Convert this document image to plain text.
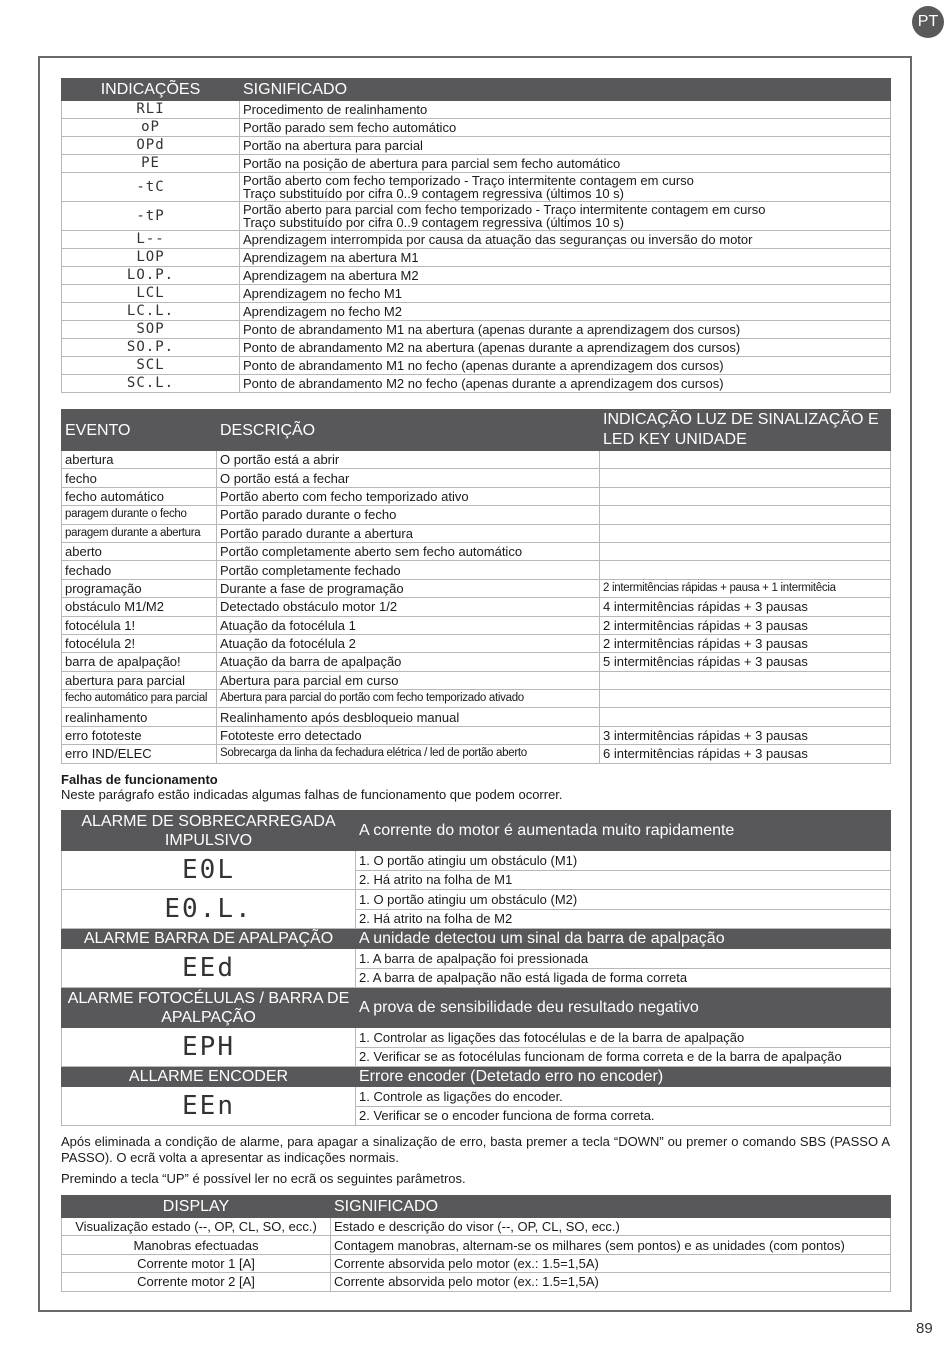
PT
INDICAÇÕES	SIGNIFICADO
RLI	Procedimento de realinhamento

oP	Portão parado sem fecho automático

OPd	Portão na abertura para parcial

PE	Portão na posição de abertura para parcial sem fecho automático

-tC	Portão aberto com fecho temporizado - Traço intermitente contagem em curso
Traço substituído por cifra 0..9 contagem regressiva (últimos 10 s)

-tP	Portão aberto para parcial com fecho temporizado - Traço intermitente contagem em curso
Traço substituído por cifra 0..9 contagem regressiva (últimos 10 s)

L--	Aprendizagem interrompida por causa da atuação das seguranças ou inversão do motor

LOP	Aprendizagem na abertura M1

LO.P.	Aprendizagem na abertura M2

LCL	Aprendizagem no fecho M1

LC.L.	Aprendizagem no fecho M2

SOP	Ponto de abrandamento M1 na abertura (apenas durante a aprendizagem dos cursos)

SO.P.	Ponto de abrandamento M2 na abertura (apenas durante a aprendizagem dos cursos)

SCL	Ponto de abrandamento M1 no fecho (apenas durante a aprendizagem dos cursos)

SC.L.	Ponto de abrandamento M2 no fecho (apenas durante a aprendizagem dos cursos)
EVENTO	DESCRIÇÃO	INDICAÇÃO LUZ DE SINALIZAÇÃO E LED KEY UNIDADE
abertura	O portão está a abrir	
fecho	O portão está a fechar	
fecho automático	Portão aberto com fecho temporizado ativo	
paragem durante o fecho	Portão parado durante o fecho	
paragem durante a abertura	Portão parado durante a abertura	
aberto	Portão completamente aberto sem fecho automático	
fechado	Portão completamente fechado	
programação	Durante a fase de programação	2 intermitências rápidas + pausa + 1 intermitêcia
obstáculo M1/M2	Detectado obstáculo motor 1/2	4 intermitências rápidas + 3 pausas
fotocélula 1!	Atuação da fotocélula 1	2 intermitências rápidas + 3 pausas
fotocélula 2!	Atuação da fotocélula 2	2 intermitências rápidas + 3 pausas
barra de apalpação!	Atuação da barra de apalpação	5 intermitências rápidas + 3 pausas
abertura para parcial	Abertura para parcial em curso	
fecho automático para parcial	Abertura para parcial do portão com fecho temporizado ativado	
realinhamento	Realinhamento após desbloqueio manual	
erro fototeste	Fototeste erro detectado	3 intermitências rápidas + 3 pausas
erro IND/ELEC	Sobrecarga da linha da fechadura elétrica / led de portão aberto	6 intermitências rápidas + 3 pausas

Falhas de funcionamento

Neste parágrafo estão indicadas algumas falhas de funcionamento que podem ocorrer.

ALARME DE SOBRECARREGADA IMPULSIVO	A corrente do motor é aumentada muito rapidamente
E0L	1. O portão atingiu um obstáculo (M1)
	2. Há atrito na folha de M1
E0.L.	1. O portão atingiu um obstáculo (M2)
	2. Há atrito na folha de M2
ALARME BARRA DE APALPAÇÃO	A unidade detectou um sinal da barra de apalpação
EEd	1. A barra de apalpação foi pressionada
	2. A barra de apalpação não está ligada de forma correta
ALARME FOTOCÉLULAS / BARRA DE APALPAÇÃO	A prova de sensibilidade deu resultado negativo
EPH	1. Controlar as ligações das fotocélulas e de la barra de apalpação
	2. Verificar se as fotocélulas funcionam de forma correta e de la barra de apalpação
ALLARME ENCODER	Errore encoder (Detetado erro no encoder)
EEn	1. Controle as ligações do encoder.
	2. Verificar se o encoder funciona de forma correta.

Após eliminada a condição de alarme, para apagar a sinalização de erro, basta premer a tecla “DOWN” ou premer o comando SBS (PASSO A PASSO). O ecrã volta a apresentar as indicações normais.

Premindo a tecla “UP” é possível ler no ecrã os seguintes parâmetros.

DISPLAY	SIGNIFICADO
Visualização estado (--, OP, CL, SO, ecc.)	Estado e descrição do visor (--, OP, CL, SO, ecc.)
Manobras efectuadas	Contagem manobras, alternam-se os milhares (sem pontos) e as unidades (com pontos)
Corrente motor 1 [A]	Corrente absorvida pelo motor (ex.: 1.5=1,5A)
Corrente motor 2 [A]	Corrente absorvida pelo motor (ex.: 1.5=1,5A)
89
